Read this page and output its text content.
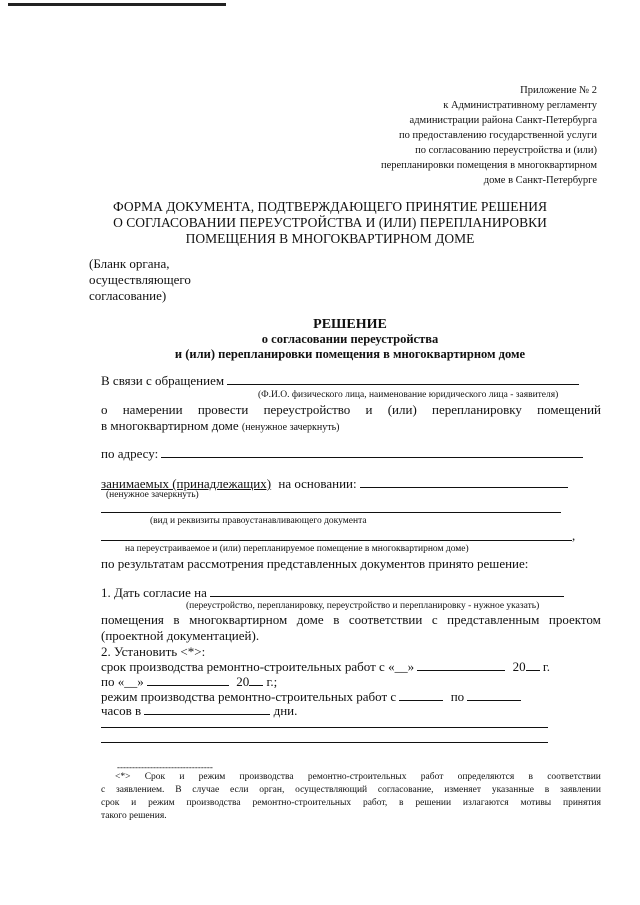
Приложение № 2
к Административному регламенту
администрации района Санкт-Петербурга
по предоставлению государственной услуги
по согласованию переустройства и (или)
перепланировки помещения в многоквартирном
доме в Санкт-Петербурге
ФОРМА ДОКУМЕНТА, ПОДТВЕРЖДАЮЩЕГО ПРИНЯТИЕ РЕШЕНИЯ
О СОГЛАСОВАНИИ ПЕРЕУСТРОЙСТВА И (ИЛИ) ПЕРЕПЛАНИРОВКИ
ПОМЕЩЕНИЯ В МНОГОКВАРТИРНОМ ДОМЕ
(Бланк органа,
осуществляющего
согласование)
РЕШЕНИЕ
о согласовании переустройства
и (или) перепланировки помещения в многоквартирном доме
В связи с обращением
(Ф.И.О. физического лица, наименование юридического лица - заявителя)
о намерении провести переустройство и (или) перепланировку помещений
в многоквартирном доме (ненужное зачеркнуть)
по адресу:
занимаемых (принадлежащих) на основании:
(ненужное зачеркнуть)
(вид и реквизиты правоустанавливающего документа
,
на переустраиваемое и (или) перепланируемое помещение в многоквартирном доме)
по результатам рассмотрения представленных документов принято решение:
1. Дать согласие на
(переустройство, перепланировку, переустройство и перепланировку - нужное указать)
помещения в многоквартирном доме в соответствии с представленным проектом
(проектной документацией).
2. Установить <*>:
срок производства ремонтно-строительных работ с «__»	20 г.
по «__»	20 г.;
режим производства ремонтно-строительных работ с	по
часов в	дни.
--------------------------------
<*> Срок и режим производства ремонтно-строительных работ определяются в соответствии
с заявлением. В случае если орган, осуществляющий согласование, изменяет указанные в заявлении
срок и режим производства ремонтно-строительных работ, в решении излагаются мотивы принятия
такого решения.
